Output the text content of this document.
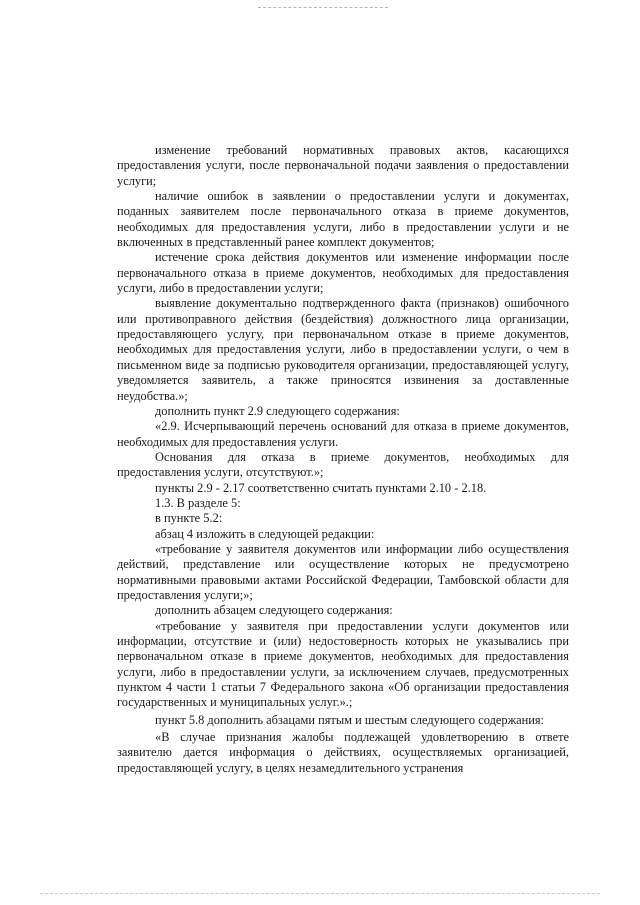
изменение требований нормативных правовых актов, касающихся предоставления услуги, после первоначальной подачи заявления о предоставлении услуги;

наличие ошибок в заявлении о предоставлении услуги и документах, поданных заявителем после первоначального отказа в приеме документов, необходимых для предоставления услуги, либо в предоставлении услуги и не включенных в представленный ранее комплект документов;

истечение срока действия документов или изменение информации после первоначального отказа в приеме документов, необходимых для предоставления услуги, либо в предоставлении услуги;

выявление документально подтвержденного факта (признаков) ошибочного или противоправного действия (бездействия) должностного лица организации, предоставляющего услугу, при первоначальном отказе в приеме документов, необходимых для предоставления услуги, либо в предоставлении услуги, о чем в письменном виде за подписью руководителя организации, предоставляющей услугу, уведомляется заявитель, а также приносятся извинения за доставленные неудобства.»;

дополнить пункт 2.9 следующего содержания:

«2.9. Исчерпывающий перечень оснований для отказа в приеме документов, необходимых для предоставления услуги.

Основания для отказа в приеме документов, необходимых для предоставления услуги, отсутствуют.»;

пункты 2.9 - 2.17 соответственно считать пунктами 2.10 - 2.18.

1.3. В разделе 5:

в пункте 5.2:

абзац 4 изложить в следующей редакции:

«требование у заявителя документов или информации либо осуществления действий, представление или осуществление которых не предусмотрено нормативными правовыми актами Российской Федерации, Тамбовской области для предоставления услуги;»;

дополнить абзацем следующего содержания:

«требование у заявителя при предоставлении услуги документов или информации, отсутствие и (или) недостоверность которых не указывались при первоначальном отказе в приеме документов, необходимых для предоставления услуги, либо в предоставлении услуги, за исключением случаев, предусмотренных пунктом 4 части 1 статьи 7 Федерального закона «Об организации предоставления государственных и муниципальных услуг.».;

пункт 5.8 дополнить абзацами пятым и шестым следующего содержания:

«В случае признания жалобы подлежащей удовлетворению в ответе заявителю дается информация о действиях, осуществляемых организацией, предоставляющей услугу, в целях незамедлительного устранения
